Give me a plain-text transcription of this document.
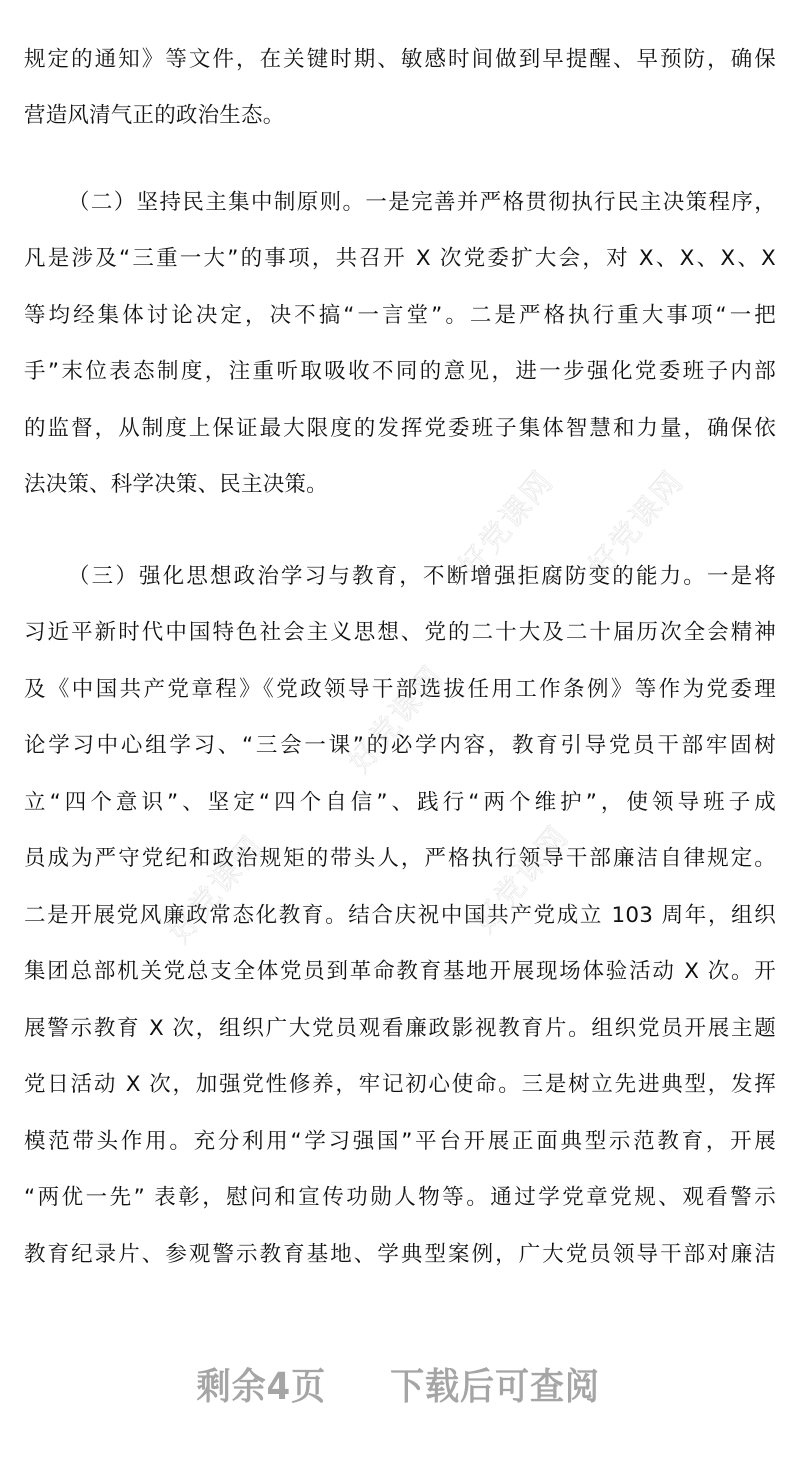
规定的通知》等文件，在关键时期、敏感时间做到早提醒、早预防，确保
营造风清气正的政治生态。
（二）坚持民主集中制原则。一是完善并严格贯彻执行民主决策程序，
凡是涉及“三重一大”的事项，共召开 X 次党委扩大会，对 X、X、X、X
等均经集体讨论决定，决不搞“一言堂”。二是严格执行重大事项“一把
手”末位表态制度，注重听取吸收不同的意见，进一步强化党委班子内部
的监督，从制度上保证最大限度的发挥党委班子集体智慧和力量，确保依
法决策、科学决策、民主决策。
（三）强化思想政治学习与教育，不断增强拒腐防变的能力。一是将
习近平新时代中国特色社会主义思想、党的二十大及二十届历次全会精神
及《中国共产党章程》《党政领导干部选拔任用工作条例》等作为党委理
论学习中心组学习、“三会一课”的必学内容，教育引导党员干部牢固树
立“四个意识”、坚定“四个自信”、践行“两个维护”，使领导班子成
员成为严守党纪和政治规矩的带头人，严格执行领导干部廉洁自律规定。
二是开展党风廉政常态化教育。结合庆祝中国共产党成立 103 周年，组织
集团总部机关党总支全体党员到革命教育基地开展现场体验活动 X 次。开
展警示教育 X 次，组织广大党员观看廉政影视教育片。组织党员开展主题
党日活动 X 次，加强党性修养，牢记初心使命。三是树立先进典型，发挥
模范带头作用。充分利用“学习强国”平台开展正面典型示范教育，开展
“两优一先” 表彰，慰问和宣传功勋人物等。通过学党章党规、观看警示
教育纪录片、参观警示教育基地、学典型案例，广大党员领导干部对廉洁
好党课网 好党课网
好党课网
好党课网	好党课网
剩余4页 下载后可查阅
